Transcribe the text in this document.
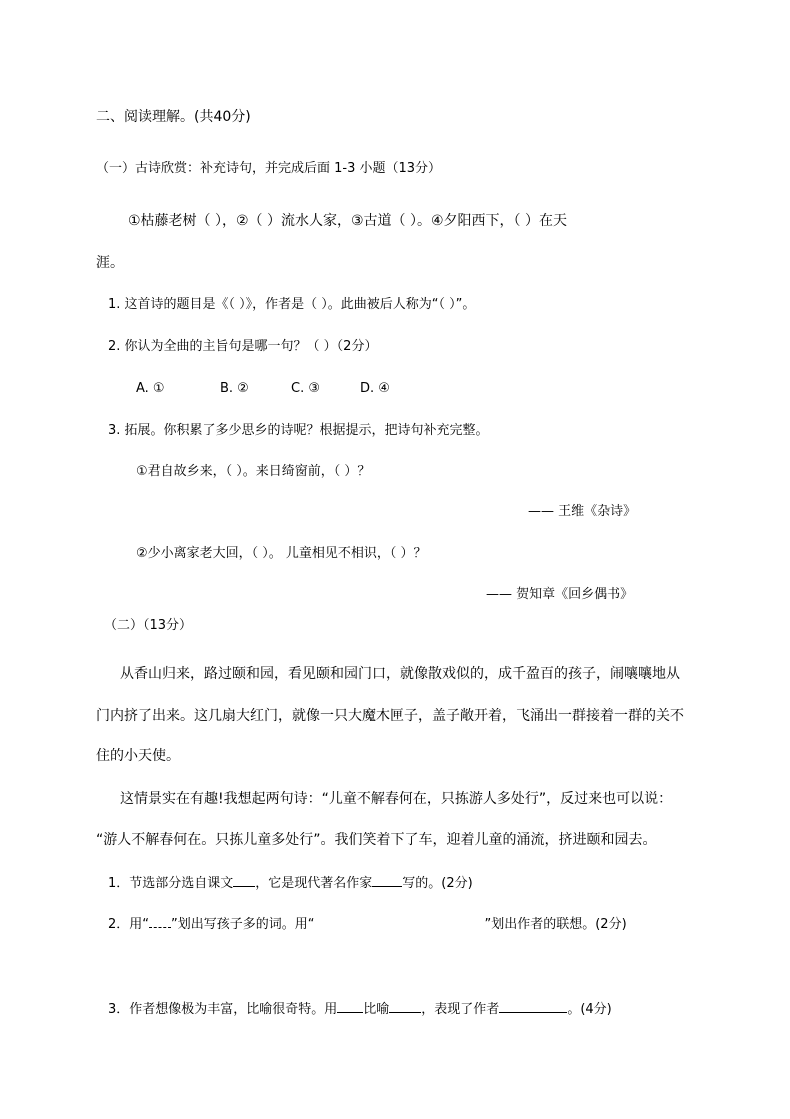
二、阅读理解。(共40分)
（一）古诗欣赏：补充诗句，并完成后面 1-3 小题（13分）
①枯藤老树（ ），②（ ）流水人家，③古道（ ）。④夕阳西下，（ ）在天
涯。
1. 这首诗的题目是《（ ）》，作者是（ ）。此曲被后人称为“（ ）”。
2. 你认为全曲的主旨句是哪一句？（ ）（2分）
A. ①	B. ②	C. ③	D. ④
3. 拓展。你积累了多少思乡的诗呢？根据提示，把诗句补充完整。
①君自故乡来，（ ）。来日绮窗前，（ ）？
—— 王维《杂诗》
②少小离家老大回，（ ）。 儿童相见不相识，（ ）？
—— 贺知章《回乡偶书》
（二）（13分）
从香山归来，路过颐和园，看见颐和园门口，就像散戏似的，成千盈百的孩子，闹嚷嚷地从
门内挤了出来。这几扇大红门，就像一只大魔木匣子，盖子敞开着，飞涌出一群接着一群的关不
住的小天使。
这情景实在有趣!我想起两句诗：“儿童不解春何在，只拣游人多处行”，反过来也可以说：
“游人不解春何在。只拣儿童多处行”。我们笑着下了车，迎着儿童的涌流，挤进颐和园去。
1．节选部分选自课文 ，它是现代著名作家 写的。(2分)
2．用“ ”划出写孩子多的词。用“	”划出作者的联想。(2分)
3．作者想像极为丰富，比喻很奇特。用 比喻 ，表现了作者	。(4分)
